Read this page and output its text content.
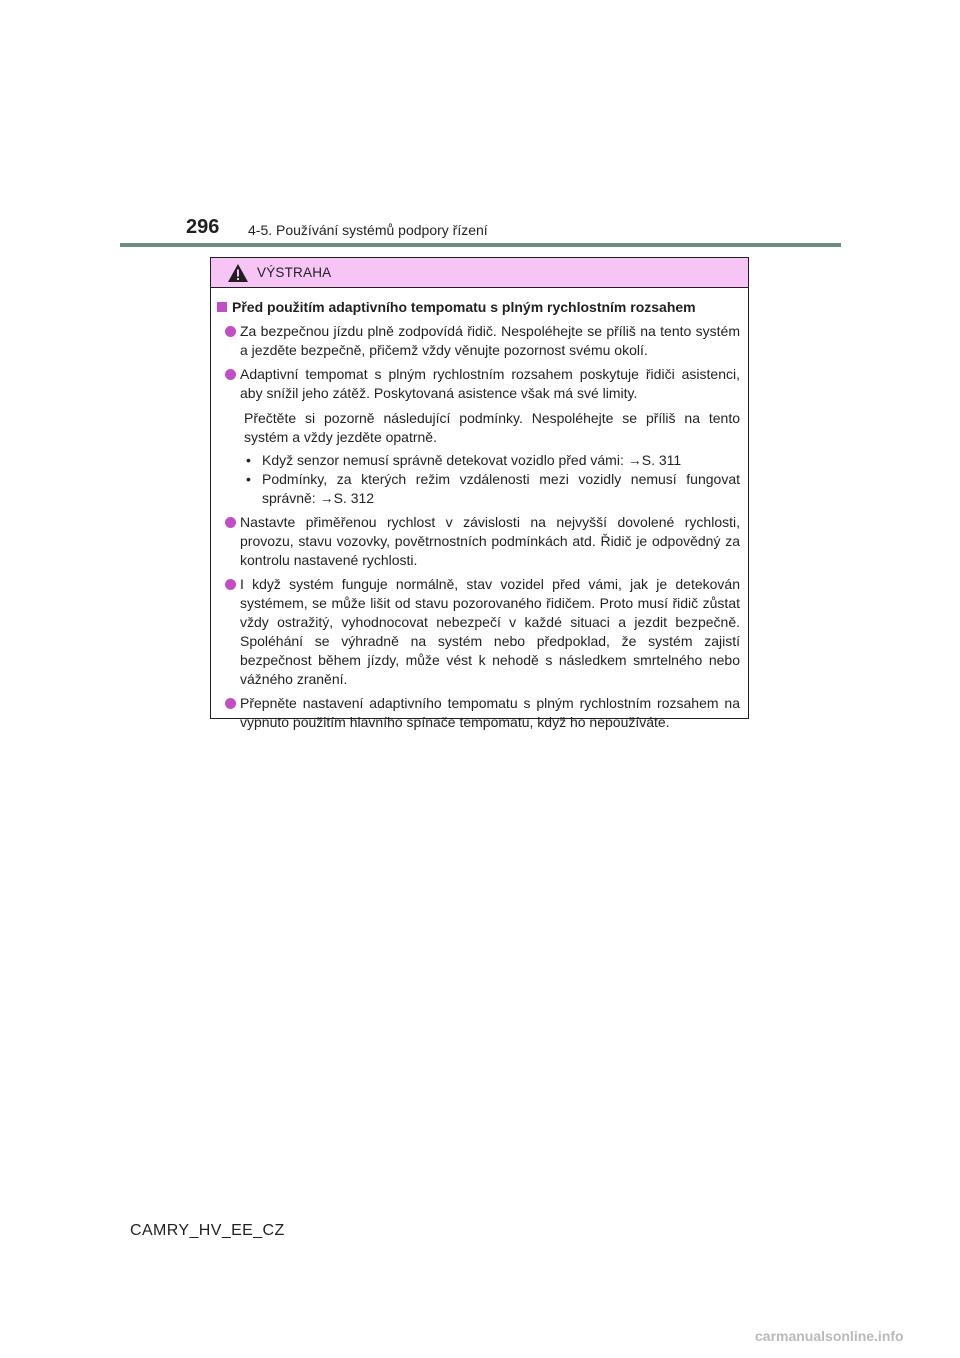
296 4-5. Používání systémů podpory řízení
VÝSTRAHA
Před použitím adaptivního tempomatu s plným rychlostním rozsahem
Za bezpečnou jízdu plně zodpovídá řidič. Nespoléhejte se příliš na tento systém a jezděte bezpečně, přičemž vždy věnujte pozornost svému okolí.
Adaptivní tempomat s plným rychlostním rozsahem poskytuje řidiči asistenci, aby snížil jeho zátěž. Poskytovaná asistence však má své limity.
Přečtěte si pozorně následující podmínky. Nespoléhejte se příliš na tento systém a vždy jezděte opatrně.
• Když senzor nemusí správně detekovat vozidlo před vámi: →S. 311
• Podmínky, za kterých režim vzdálenosti mezi vozidly nemusí fungovat správně: →S. 312
Nastavte přiměřenou rychlost v závislosti na nejvyšší dovolené rychlosti, provozu, stavu vozovky, povětrnostních podmínkách atd. Řidič je odpovědný za kontrolu nastavené rychlosti.
I když systém funguje normálně, stav vozidel před vámi, jak je detekován systémem, se může lišit od stavu pozorovaného řidičem. Proto musí řidič zůstat vždy ostražitý, vyhodnocovat nebezpečí v každé situaci a jezdit bezpečně. Spoléhání se výhradně na systém nebo předpoklad, že systém zajistí bezpečnost během jízdy, může vést k nehodě s následkem smrtelného nebo vážného zranění.
Přepněte nastavení adaptivního tempomatu s plným rychlostním rozsahem na vypnuto použitím hlavního spínače tempomatu, když ho nepoužíváte.
CAMRY_HV_EE_CZ
carmanualsonline.info
